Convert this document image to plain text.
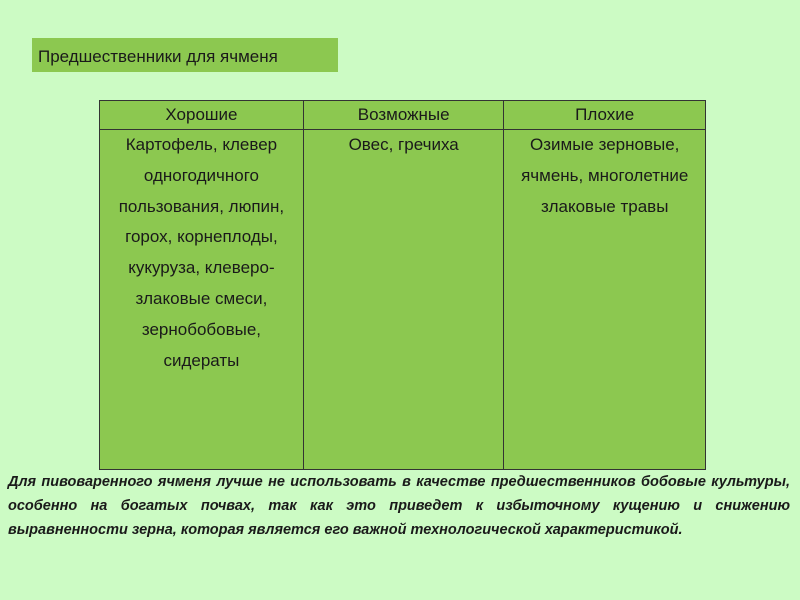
Предшественники для ячменя
Хорошие	Возможные	Плохие
Картофель, клевер одногодичного пользования, люпин, горох, корнеплоды, кукуруза, клеверо-злаковые смеси, зернобобовые, сидераты	Овес, гречиха	Озимые зерновые, ячмень, многолетние злаковые травы
Для пивоваренного ячменя лучше не использовать в качестве предшественников бобовые культуры, особенно на богатых почвах, так как это приведет к избыточному кущению и снижению выравненности зерна, которая является его важной технологической характеристикой.
